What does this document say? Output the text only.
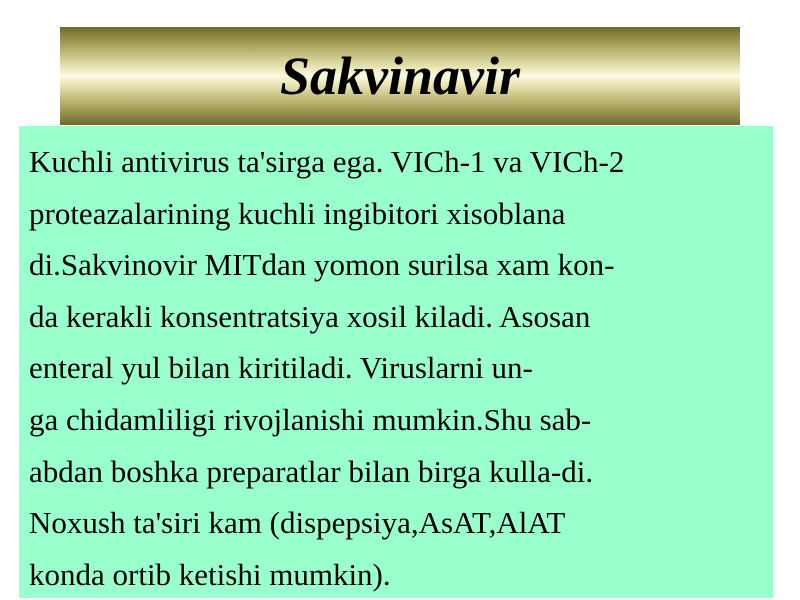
Sakvinavir
Kuchli antivirus ta'sirga ega. VICh-1 va VICh-2
proteazalarining kuchli ingibitori xisoblana
di.Sakvinovir MITdan yomon surilsa xam kon-
da kerakli konsentratsiya xosil kiladi. Asosan
enteral yul bilan kiritiladi. Viruslarni un-
ga chidamliligi rivojlanishi mumkin.Shu sab-
abdan boshka preparatlar bilan birga kulla-di.
Noxush ta'siri kam (dispepsiya,AsAT,AlAT
konda ortib ketishi mumkin).
